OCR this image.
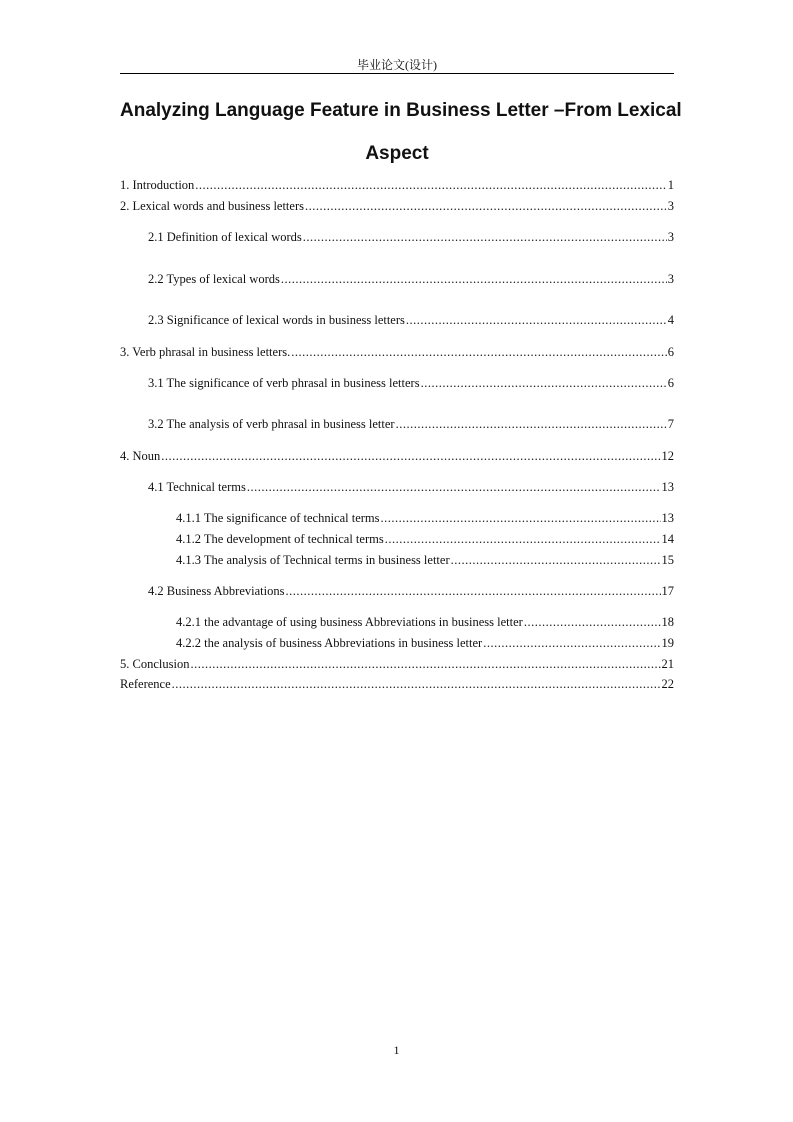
毕业论文(设计)
Analyzing Language Feature in Business Letter –From Lexical
Aspect
1. Introduction .....	1
2. Lexical words and business letters .....	3
2.1 Definition of lexical words .....	3
2.2 Types of lexical words .....	3
2.3 Significance of lexical words in business letters .....	4
3. Verb phrasal in business letters. .....	6
3.1 The significance of verb phrasal in business letters .....	6
3.2 The analysis of verb phrasal in business letter .....	7
4. Noun .....	12
4.1 Technical terms .....	13
4.1.1 The significance of technical terms .....	13
4.1.2 The development of technical terms .....	14
4.1.3 The analysis of Technical terms in business letter .....	15
4.2 Business Abbreviations .....	17
4.2.1 the advantage of using business Abbreviations in business letter .....	18
4.2.2 the analysis of business Abbreviations in business letter .....	19
5. Conclusion .....	21
Reference .....	22
1
